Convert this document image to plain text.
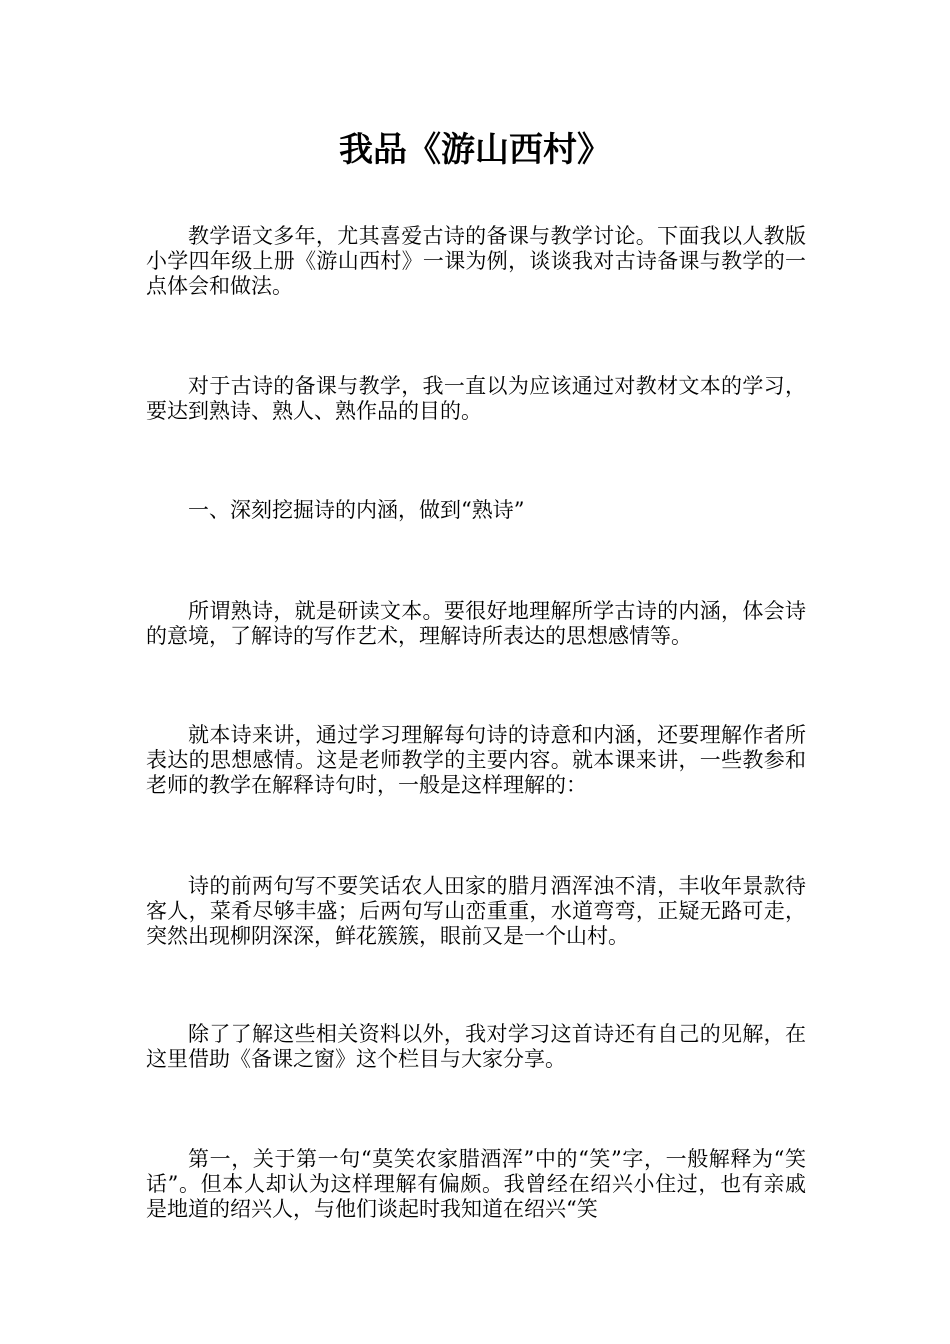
我品《游山西村》

教学语文多年，尤其喜爱古诗的备课与教学讨论。下面我以人教版小学四年级上册《游山西村》一课为例，谈谈我对古诗备课与教学的一点体会和做法。

对于古诗的备课与教学，我一直以为应该通过对教材文本的学习，要达到熟诗、熟人、熟作品的目的。

一、深刻挖掘诗的内涵，做到“熟诗”

所谓熟诗，就是研读文本。要很好地理解所学古诗的内涵，体会诗的意境，了解诗的写作艺术，理解诗所表达的思想感情等。

就本诗来讲，通过学习理解每句诗的诗意和内涵，还要理解作者所表达的思想感情。这是老师教学的主要内容。就本课来讲，一些教参和老师的教学在解释诗句时，一般是这样理解的：

诗的前两句写不要笑话农人田家的腊月酒浑浊不清，丰收年景款待客人，菜肴尽够丰盛；后两句写山峦重重，水道弯弯，正疑无路可走，突然出现柳阴深深，鲜花簇簇，眼前又是一个山村。

除了了解这些相关资料以外，我对学习这首诗还有自己的见解，在这里借助《备课之窗》这个栏目与大家分享。

第一，关于第一句“莫笑农家腊酒浑”中的“笑”字，一般解释为“笑话”。但本人却认为这样理解有偏颇。我曾经在绍兴小住过，也有亲戚是地道的绍兴人，与他们谈起时我知道在绍兴“笑
